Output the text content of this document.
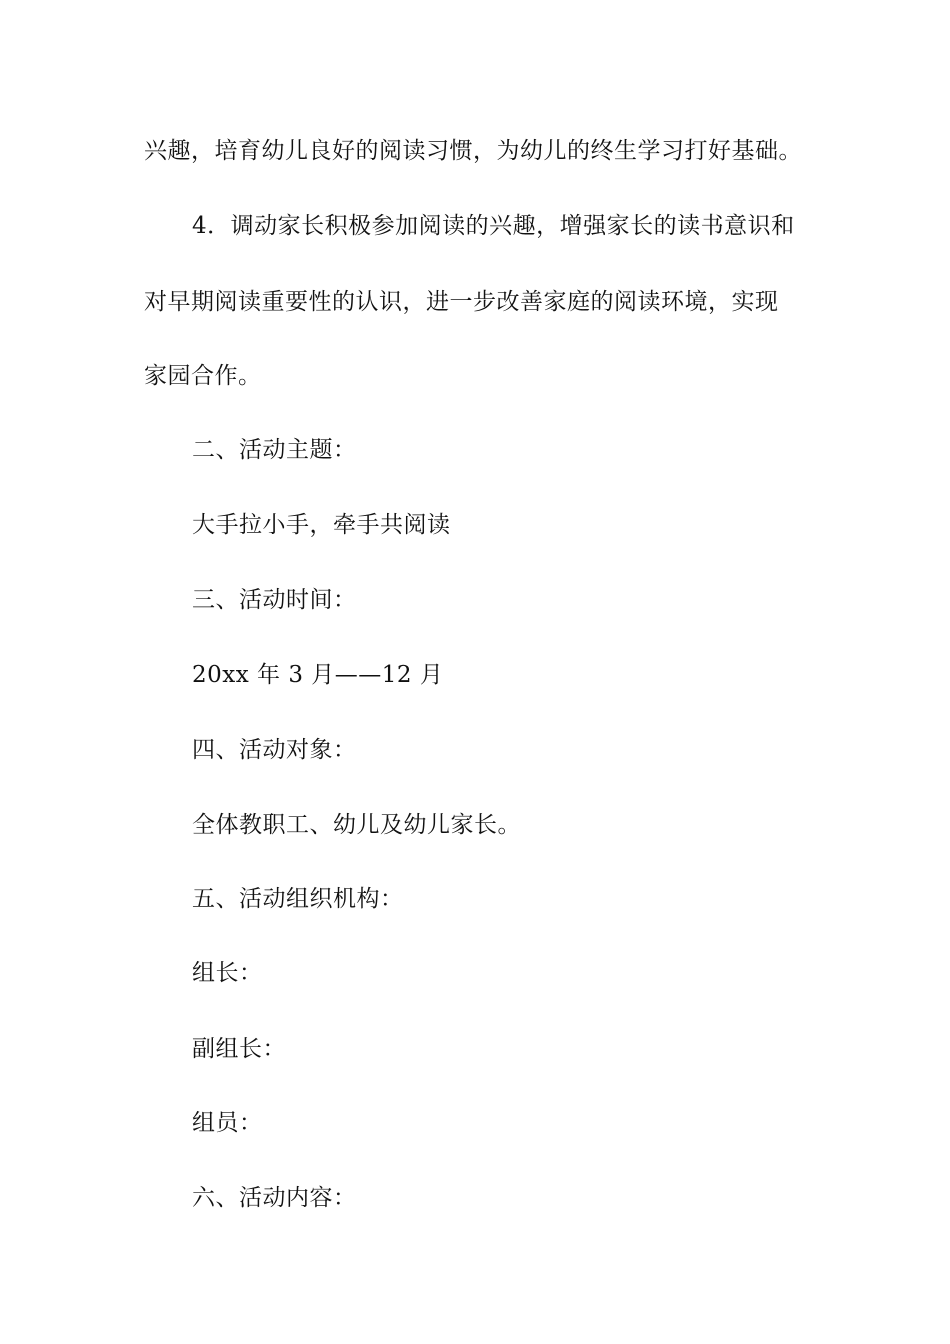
兴趣，培育幼儿良好的阅读习惯，为幼儿的终生学习打好基础。
4．调动家长积极参加阅读的兴趣，增强家长的读书意识和
对早期阅读重要性的认识，进一步改善家庭的阅读环境，实现
家园合作。
二、活动主题：
大手拉小手，牵手共阅读
三、活动时间：
20xx 年 3 月——12 月
四、活动对象：
全体教职工、幼儿及幼儿家长。
五、活动组织机构：
组长：
副组长：
组员：
六、活动内容：
